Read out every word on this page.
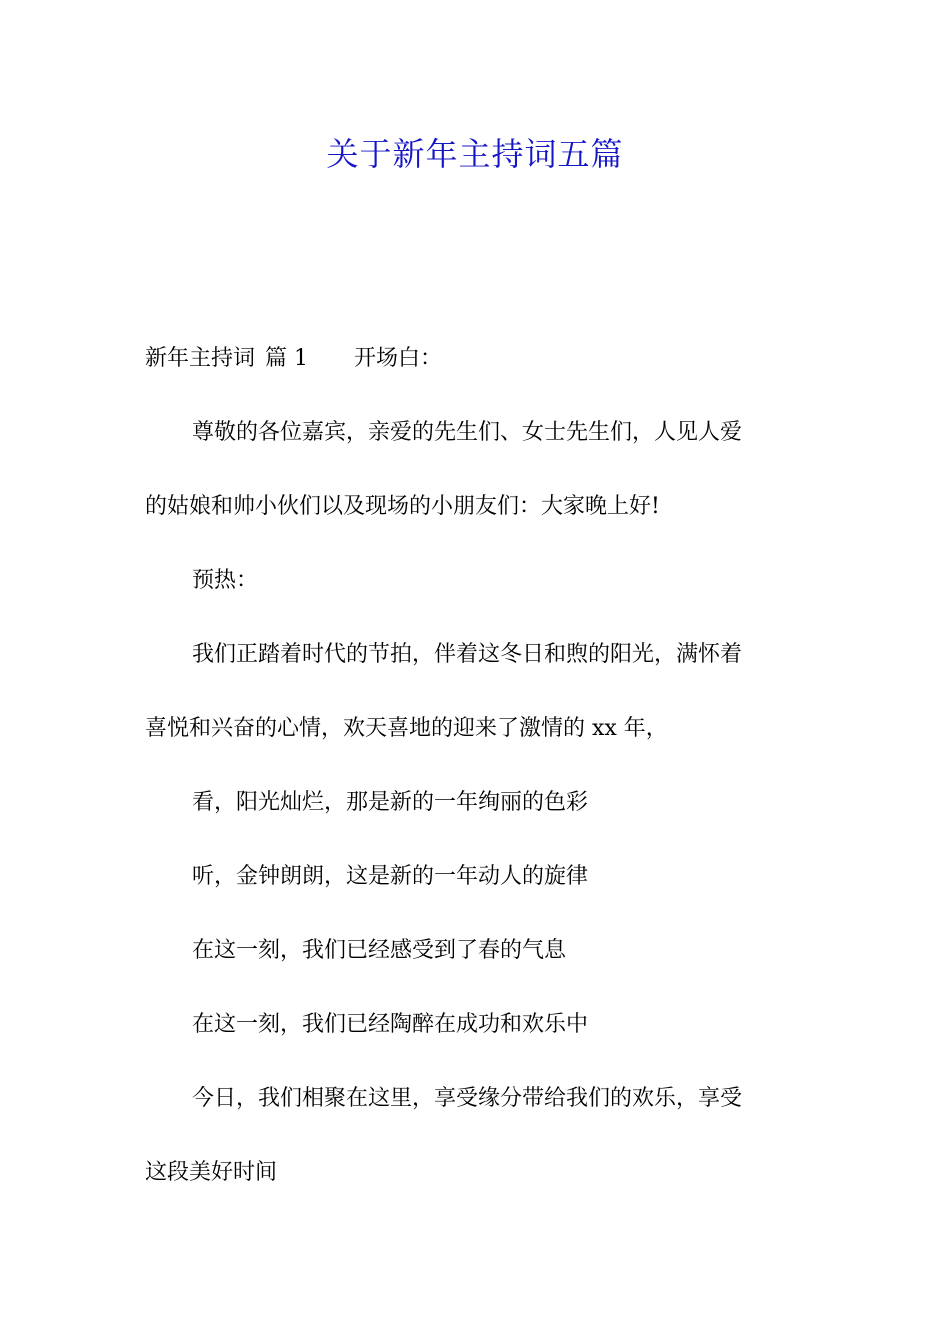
关于新年主持词五篇
新年主持词 篇 1 开场白：
尊敬的各位嘉宾，亲爱的先生们、女士先生们，人见人爱
的姑娘和帅小伙们以及现场的小朋友们：大家晚上好!
预热：
我们正踏着时代的节拍，伴着这冬日和煦的阳光，满怀着
喜悦和兴奋的心情，欢天喜地的迎来了激情的 xx 年，
看，阳光灿烂，那是新的一年绚丽的色彩
听，金钟朗朗，这是新的一年动人的旋律
在这一刻，我们已经感受到了春的气息
在这一刻，我们已经陶醉在成功和欢乐中
今日，我们相聚在这里，享受缘分带给我们的欢乐，享受
这段美好时间
